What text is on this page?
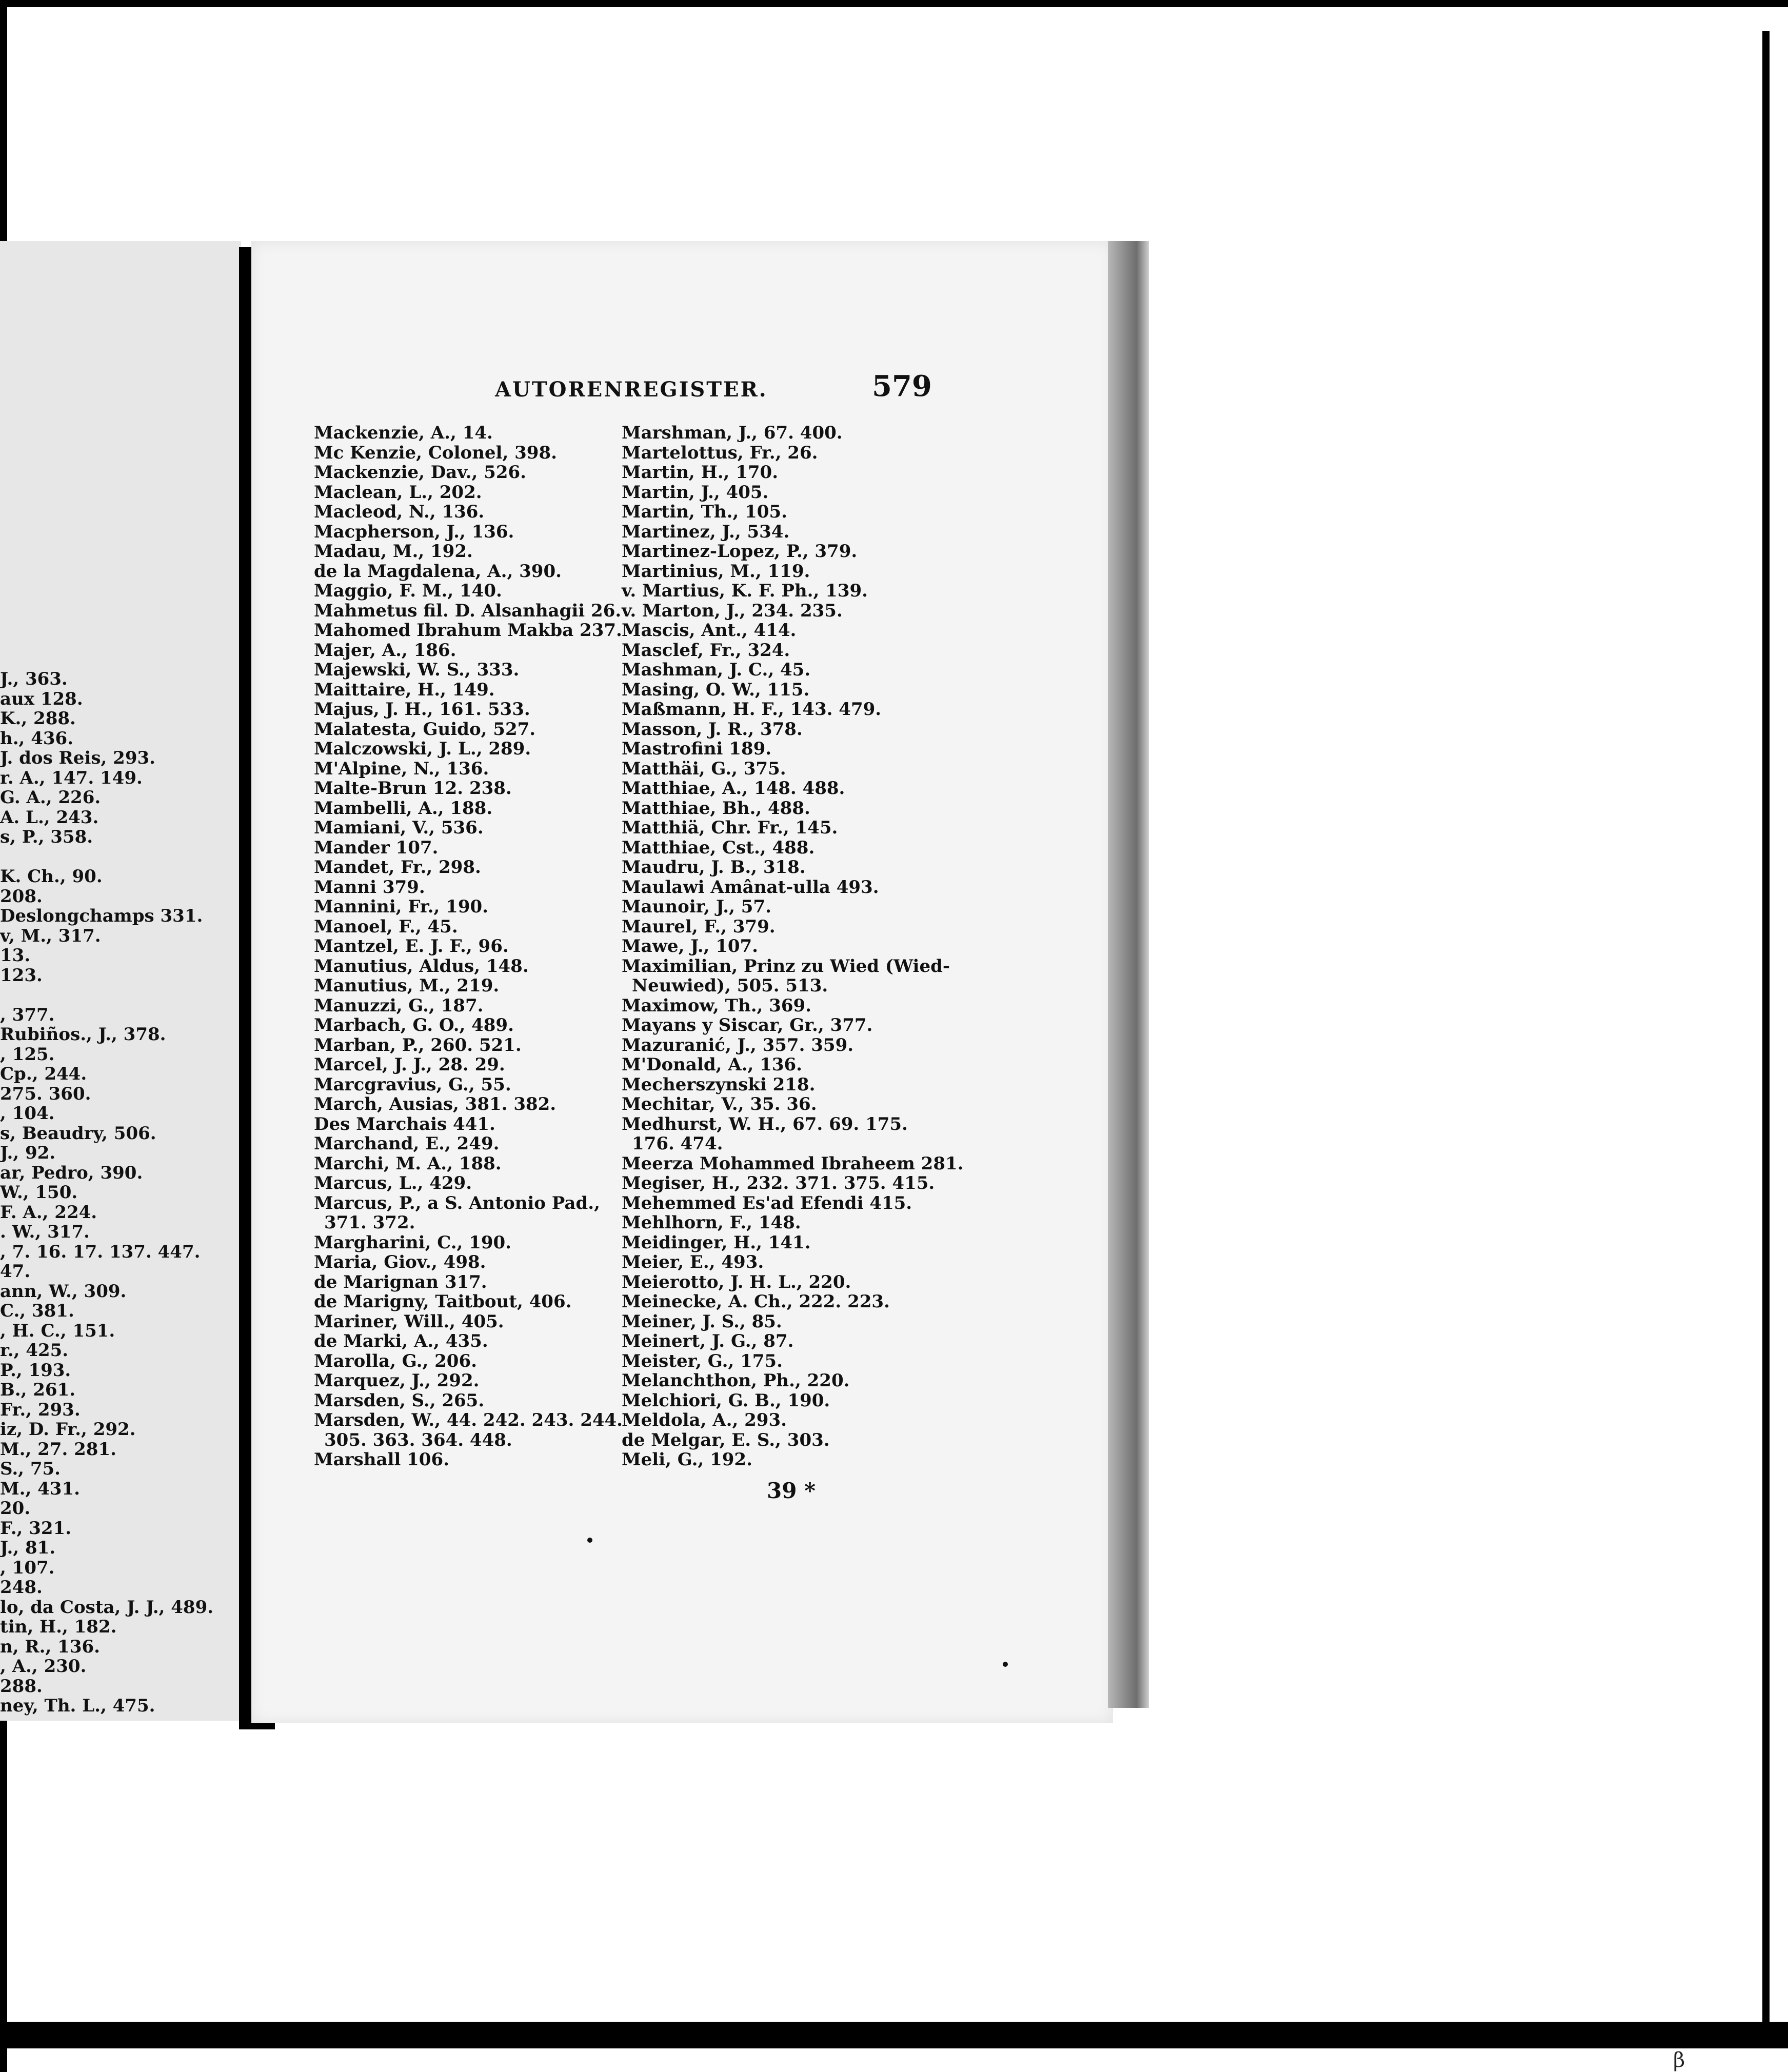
β
J., 363.
aux 128.
K., 288.
h., 436.
J. dos Reis, 293.
r. A., 147. 149.
G. A., 226.
A. L., 243.
s, P., 358.

K. Ch., 90.
208.
Deslongchamps 331.
v, M., 317.
13.
123.

, 377.
Rubiños., J., 378.
, 125.
Cp., 244.
275. 360.
, 104.
s, Beaudry, 506.
J., 92.
ar, Pedro, 390.
W., 150.
F. A., 224.
. W., 317.
, 7. 16. 17. 137. 447.
47.
ann, W., 309.
C., 381.
, H. C., 151.
r., 425.
P., 193.
B., 261.
Fr., 293.
iz, D. Fr., 292.
M., 27. 281.
S., 75.
M., 431.
20.
F., 321.
J., 81.
, 107.
248.
lo, da Costa, J. J., 489.
tin, H., 182.
n, R., 136.
, A., 230.
288.
ney, Th. L., 475.
AUTORENREGISTER.	579
Mackenzie, A., 14.
Mc Kenzie, Colonel, 398.
Mackenzie, Dav., 526.
Maclean, L., 202.
Macleod, N., 136.
Macpherson, J., 136.
Madau, M., 192.
de la Magdalena, A., 390.
Maggio, F. M., 140.
Mahmetus fil. D. Alsanhagii 26.
Mahomed Ibrahum Makba 237.
Majer, A., 186.
Majewski, W. S., 333.
Maittaire, H., 149.
Majus, J. H., 161. 533.
Malatesta, Guido, 527.
Malczowski, J. L., 289.
M'Alpine, N., 136.
Malte-Brun 12. 238.
Mambelli, A., 188.
Mamiani, V., 536.
Mander 107.
Mandet, Fr., 298.
Manni 379.
Mannini, Fr., 190.
Manoel, F., 45.
Mantzel, E. J. F., 96.
Manutius, Aldus, 148.
Manutius, M., 219.
Manuzzi, G., 187.
Marbach, G. O., 489.
Marban, P., 260. 521.
Marcel, J. J., 28. 29.
Marcgravius, G., 55.
March, Ausias, 381. 382.
Des Marchais 441.
Marchand, E., 249.
Marchi, M. A., 188.
Marcus, L., 429.
Marcus, P., a S. Antonio Pad.,
371. 372.
Margharini, C., 190.
Maria, Giov., 498.
de Marignan 317.
de Marigny, Taitbout, 406.
Mariner, Will., 405.
de Marki, A., 435.
Marolla, G., 206.
Marquez, J., 292.
Marsden, S., 265.
Marsden, W., 44. 242. 243. 244.
305. 363. 364. 448.
Marshall 106.
Marshman, J., 67. 400.
Martelottus, Fr., 26.
Martin, H., 170.
Martin, J., 405.
Martin, Th., 105.
Martinez, J., 534.
Martinez-Lopez, P., 379.
Martinius, M., 119.
v. Martius, K. F. Ph., 139.
v. Marton, J., 234. 235.
Mascis, Ant., 414.
Masclef, Fr., 324.
Mashman, J. C., 45.
Masing, O. W., 115.
Maßmann, H. F., 143. 479.
Masson, J. R., 378.
Mastrofini 189.
Matthäi, G., 375.
Matthiae, A., 148. 488.
Matthiae, Bh., 488.
Matthiä, Chr. Fr., 145.
Matthiae, Cst., 488.
Maudru, J. B., 318.
Maulawi Amânat-ulla 493.
Maunoir, J., 57.
Maurel, F., 379.
Mawe, J., 107.
Maximilian, Prinz zu Wied (Wied-
Neuwied), 505. 513.
Maximow, Th., 369.
Mayans y Siscar, Gr., 377.
Mazuranić, J., 357. 359.
M'Donald, A., 136.
Mecherszynski 218.
Mechitar, V., 35. 36.
Medhurst, W. H., 67. 69. 175.
176. 474.
Meerza Mohammed Ibraheem 281.
Megiser, H., 232. 371. 375. 415.
Mehemmed Es'ad Efendi 415.
Mehlhorn, F., 148.
Meidinger, H., 141.
Meier, E., 493.
Meierotto, J. H. L., 220.
Meinecke, A. Ch., 222. 223.
Meiner, J. S., 85.
Meinert, J. G., 87.
Meister, G., 175.
Melanchthon, Ph., 220.
Melchiori, G. B., 190.
Meldola, A., 293.
de Melgar, E. S., 303.
Meli, G., 192.
39 *
